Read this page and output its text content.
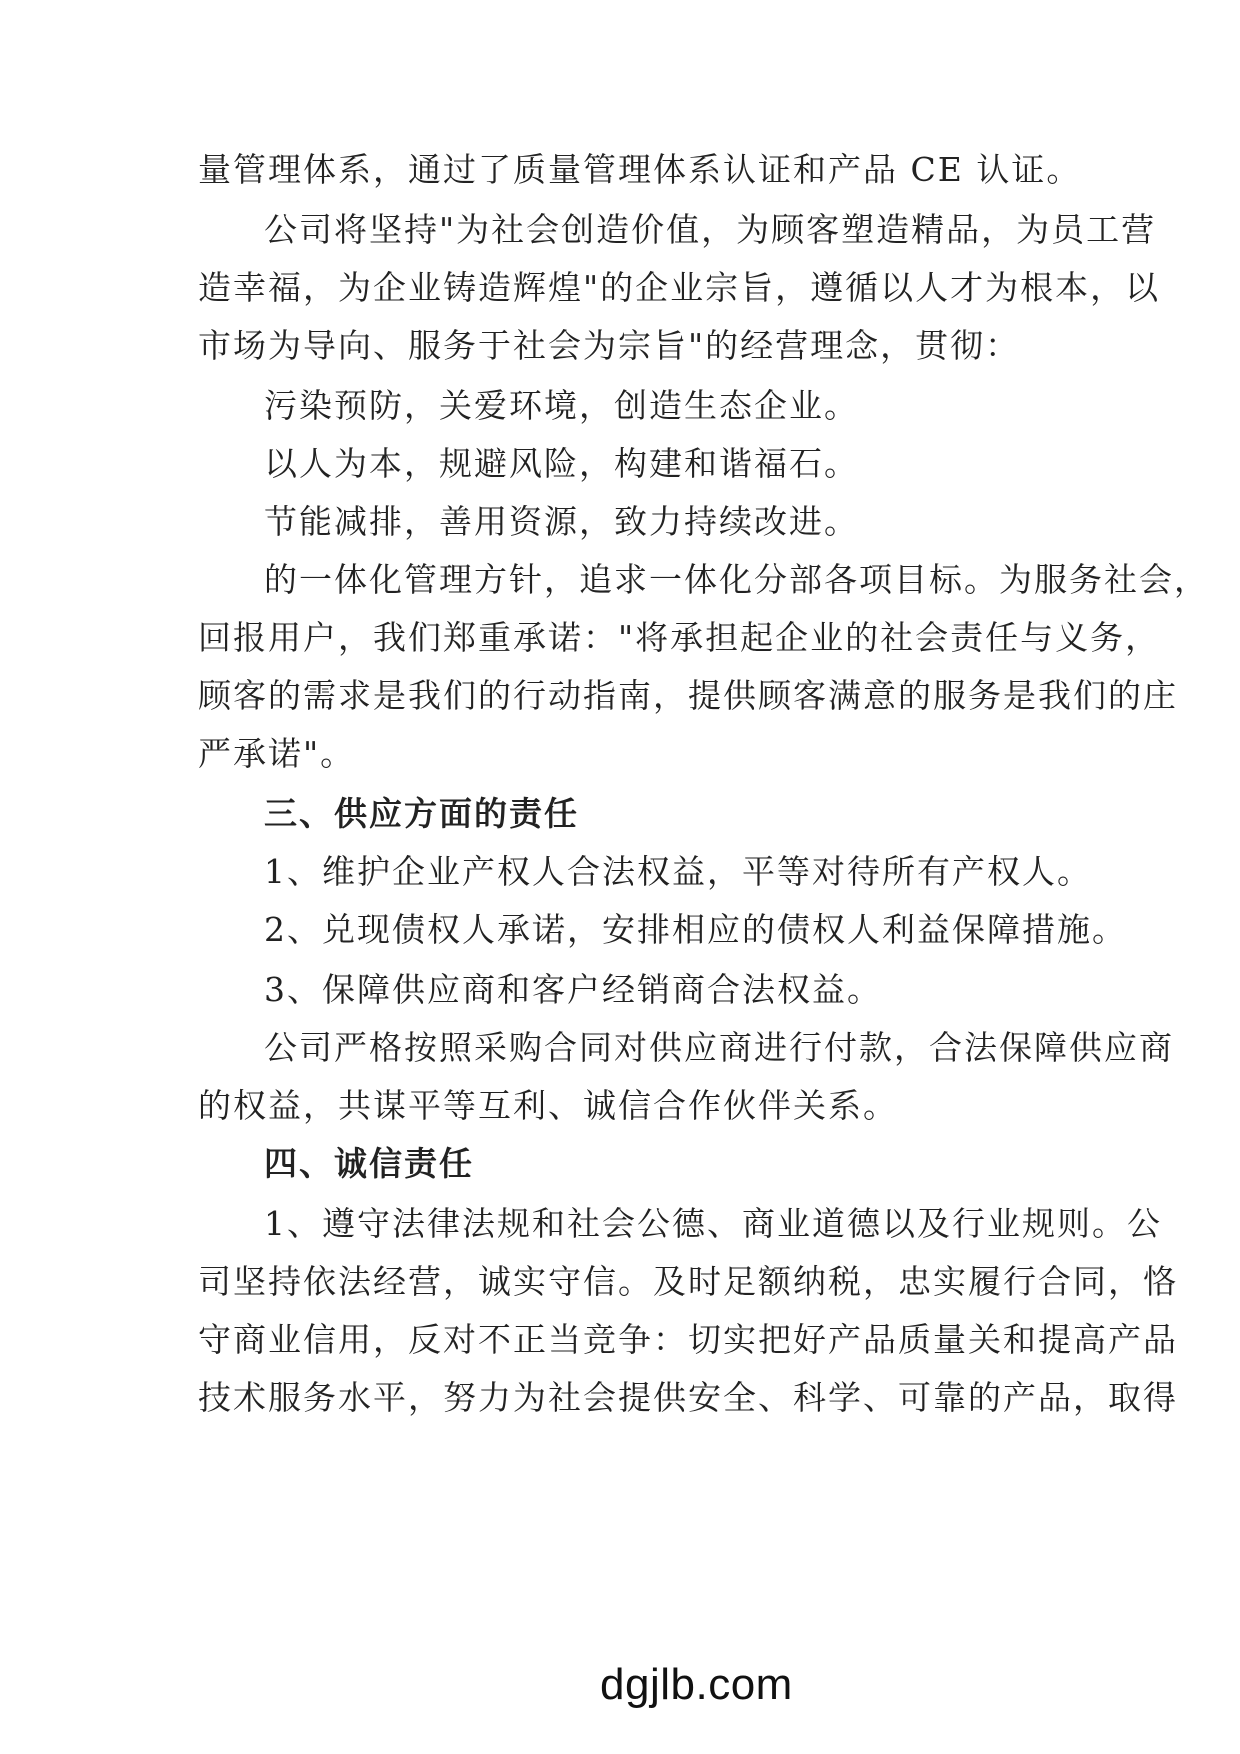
量管理体系，通过了质量管理体系认证和产品 CE 认证。
公司将坚持"为社会创造价值，为顾客塑造精品，为员工营
造幸福，为企业铸造辉煌"的企业宗旨，遵循以人才为根本，以
市场为导向、服务于社会为宗旨"的经营理念，贯彻：
污染预防，关爱环境，创造生态企业。
以人为本，规避风险，构建和谐福石。
节能减排，善用资源，致力持续改进。
的一体化管理方针，追求一体化分部各项目标。为服务社会，
回报用户，我们郑重承诺："将承担起企业的社会责任与义务，
顾客的需求是我们的行动指南，提供顾客满意的服务是我们的庄
严承诺"。
三、供应方面的责任
1、维护企业产权人合法权益，平等对待所有产权人。
2、兑现债权人承诺，安排相应的债权人利益保障措施。
3、保障供应商和客户经销商合法权益。
公司严格按照采购合同对供应商进行付款，合法保障供应商
的权益，共谋平等互利、诚信合作伙伴关系。
四、诚信责任
1、遵守法律法规和社会公德、商业道德以及行业规则。公
司坚持依法经营，诚实守信。及时足额纳税，忠实履行合同，恪
守商业信用，反对不正当竞争：切实把好产品质量关和提高产品
技术服务水平，努力为社会提供安全、科学、可靠的产品，取得
dgjlb.com
